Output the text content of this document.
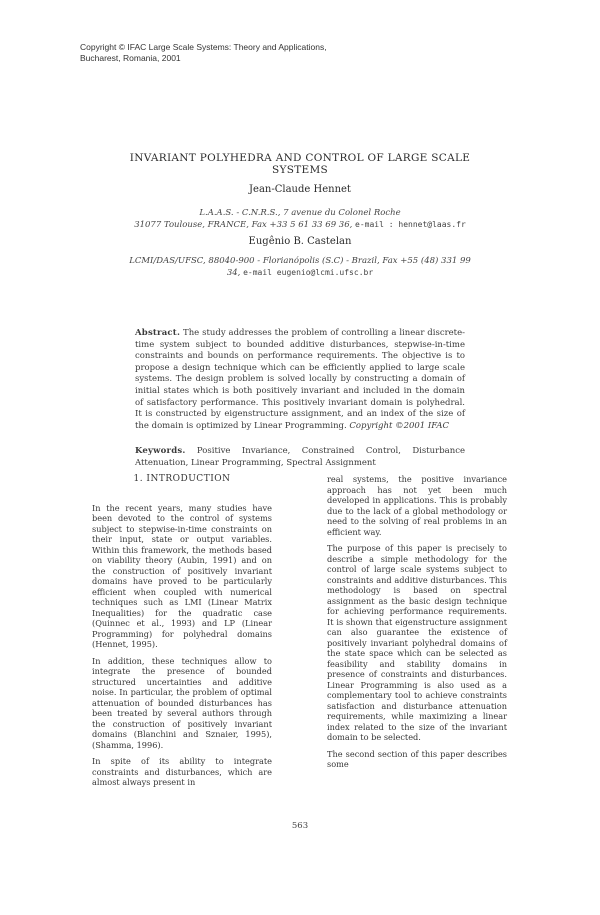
Copyright © IFAC Large Scale Systems: Theory and Applications,
Bucharest, Romania, 2001
INVARIANT POLYHEDRA AND CONTROL OF LARGE SCALE SYSTEMS
Jean-Claude Hennet
L.A.A.S. - C.N.R.S., 7 avenue du Colonel Roche
31077 Toulouse, FRANCE, Fax +33 5 61 33 69 36, e-mail : hennet@laas.fr
Eugênio B. Castelan
LCMI/DAS/UFSC, 88040-900 - Florianópolis (S.C) - Brazil, Fax +55 (48) 331 99
34, e-mail eugenio@lcmi.ufsc.br
Abstract. The study addresses the problem of controlling a linear discrete-time system subject to bounded additive disturbances, stepwise-in-time constraints and bounds on performance requirements. The objective is to propose a design technique which can be efficiently applied to large scale systems. The design problem is solved locally by constructing a domain of initial states which is both positively invariant and included in the domain of satisfactory performance. This positively invariant domain is polyhedral. It is constructed by eigenstructure assignment, and an index of the size of the domain is optimized by Linear Programming. Copyright ©2001 IFAC
Keywords. Positive Invariance, Constrained Control, Disturbance Attenuation, Linear Programming, Spectral Assignment
1. INTRODUCTION

In the recent years, many studies have been devoted to the control of systems subject to stepwise-in-time constraints on their input, state or output variables. Within this framework, the methods based on viability theory (Aubin, 1991) and on the construction of positively invariant domains have proved to be particularly efficient when coupled with numerical techniques such as LMI (Linear Matrix Inequalities) for the quadratic case (Quinnec et al., 1993) and LP (Linear Programming) for polyhedral domains (Hennet, 1995).

In addition, these techniques allow to integrate the presence of bounded structured uncertainties and additive noise. In particular, the problem of optimal attenuation of bounded disturbances has been treated by several authors through the construction of positively invariant domains (Blanchini and Sznaier, 1995), (Shamma, 1996).

In spite of its ability to integrate constraints and disturbances, which are almost always present in

real systems, the positive invariance approach has not yet been much developed in applications. This is probably due to the lack of a global methodology or need to the solving of real problems in an efficient way.

The purpose of this paper is precisely to describe a simple methodology for the control of large scale systems subject to constraints and additive disturbances. This methodology is based on spectral assignment as the basic design technique for achieving performance requirements. It is shown that eigenstructure assignment can also guarantee the existence of positively invariant polyhedral domains of the state space which can be selected as feasibility and stability domains in presence of constraints and disturbances. Linear Programming is also used as a complementary tool to achieve constraints satisfaction and disturbance attenuation requirements, while maximizing a linear index related to the size of the invariant domain to be selected.

The second section of this paper describes some

563
